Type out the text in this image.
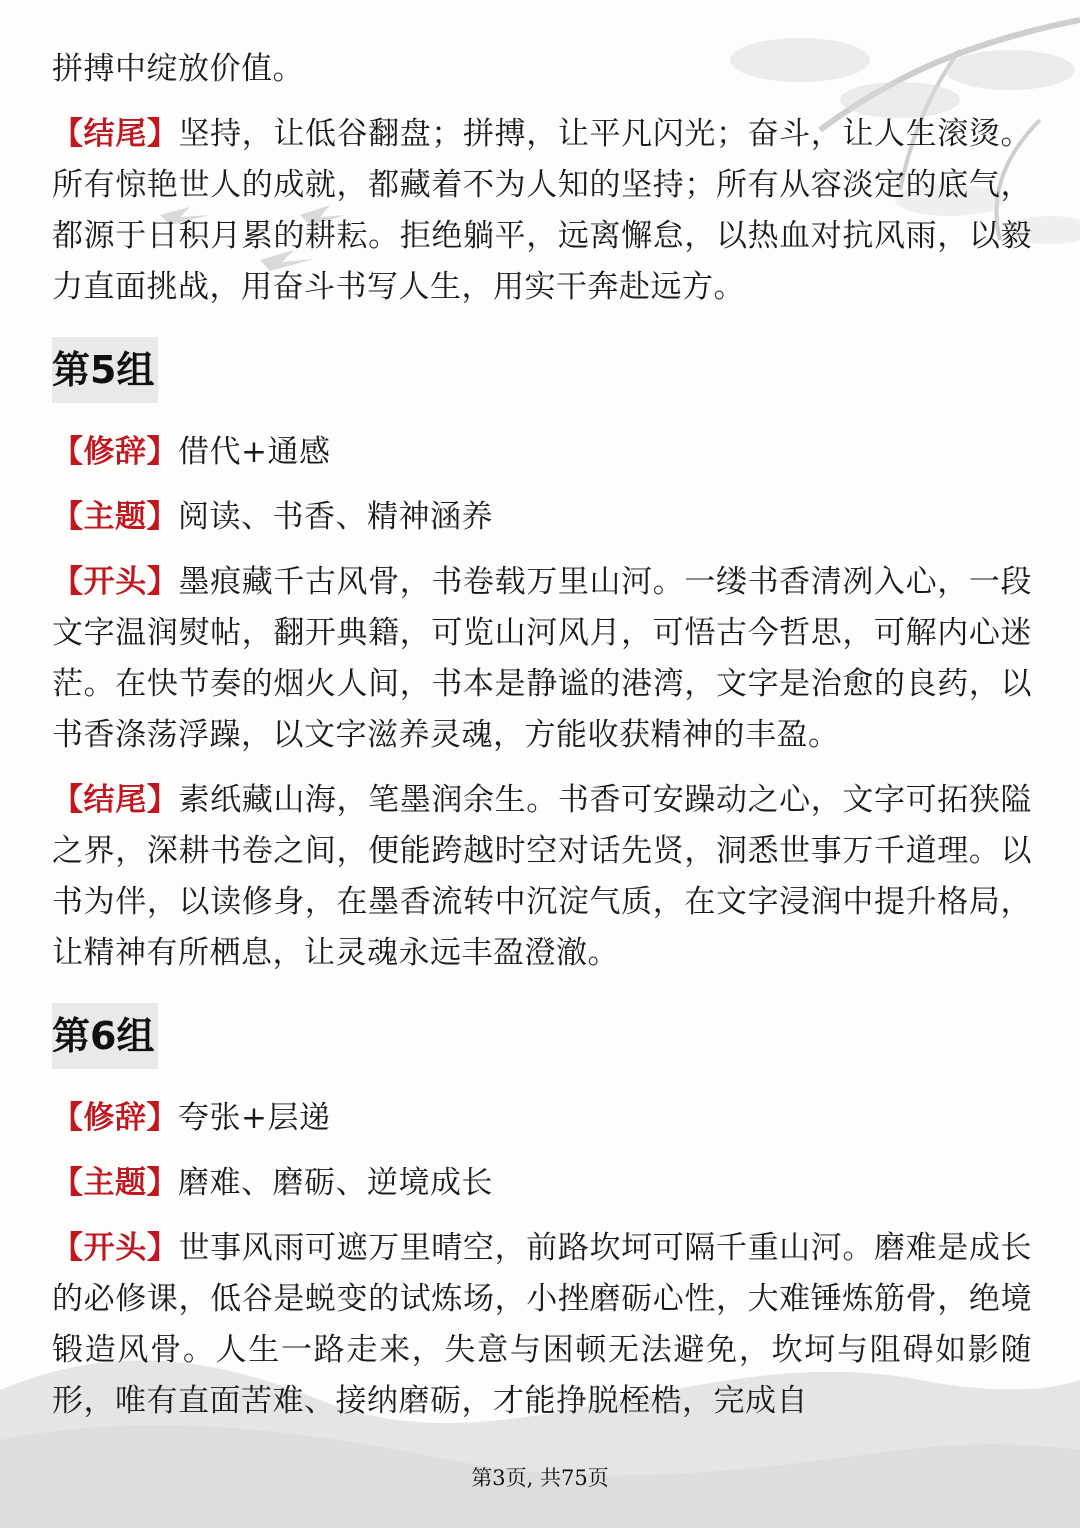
拼搏中绽放价值。

【结尾】坚持，让低谷翻盘；拼搏，让平凡闪光；奋斗，让人生滚烫。所有惊艳世人的成就，都藏着不为人知的坚持；所有从容淡定的底气，都源于日积月累的耕耘。拒绝躺平，远离懈怠，以热血对抗风雨，以毅力直面挑战，用奋斗书写人生，用实干奔赴远方。

第5组

【修辞】借代+通感

【主题】阅读、书香、精神涵养

【开头】墨痕藏千古风骨，书卷载万里山河。一缕书香清冽入心，一段文字温润熨帖，翻开典籍，可览山河风月，可悟古今哲思，可解内心迷茫。在快节奏的烟火人间，书本是静谧的港湾，文字是治愈的良药，以书香涤荡浮躁，以文字滋养灵魂，方能收获精神的丰盈。

【结尾】素纸藏山海，笔墨润余生。书香可安躁动之心，文字可拓狭隘之界，深耕书卷之间，便能跨越时空对话先贤，洞悉世事万千道理。以书为伴，以读修身，在墨香流转中沉淀气质，在文字浸润中提升格局，让精神有所栖息，让灵魂永远丰盈澄澈。

第6组

【修辞】夸张+层递

【主题】磨难、磨砺、逆境成长

【开头】世事风雨可遮万里晴空，前路坎坷可隔千重山河。磨难是成长的必修课，低谷是蜕变的试炼场，小挫磨砺心性，大难锤炼筋骨，绝境锻造风骨。人生一路走来，失意与困顿无法避免，坎坷与阻碍如影随形，唯有直面苦难、接纳磨砺，才能挣脱桎梏，完成自

第3页, 共75页
